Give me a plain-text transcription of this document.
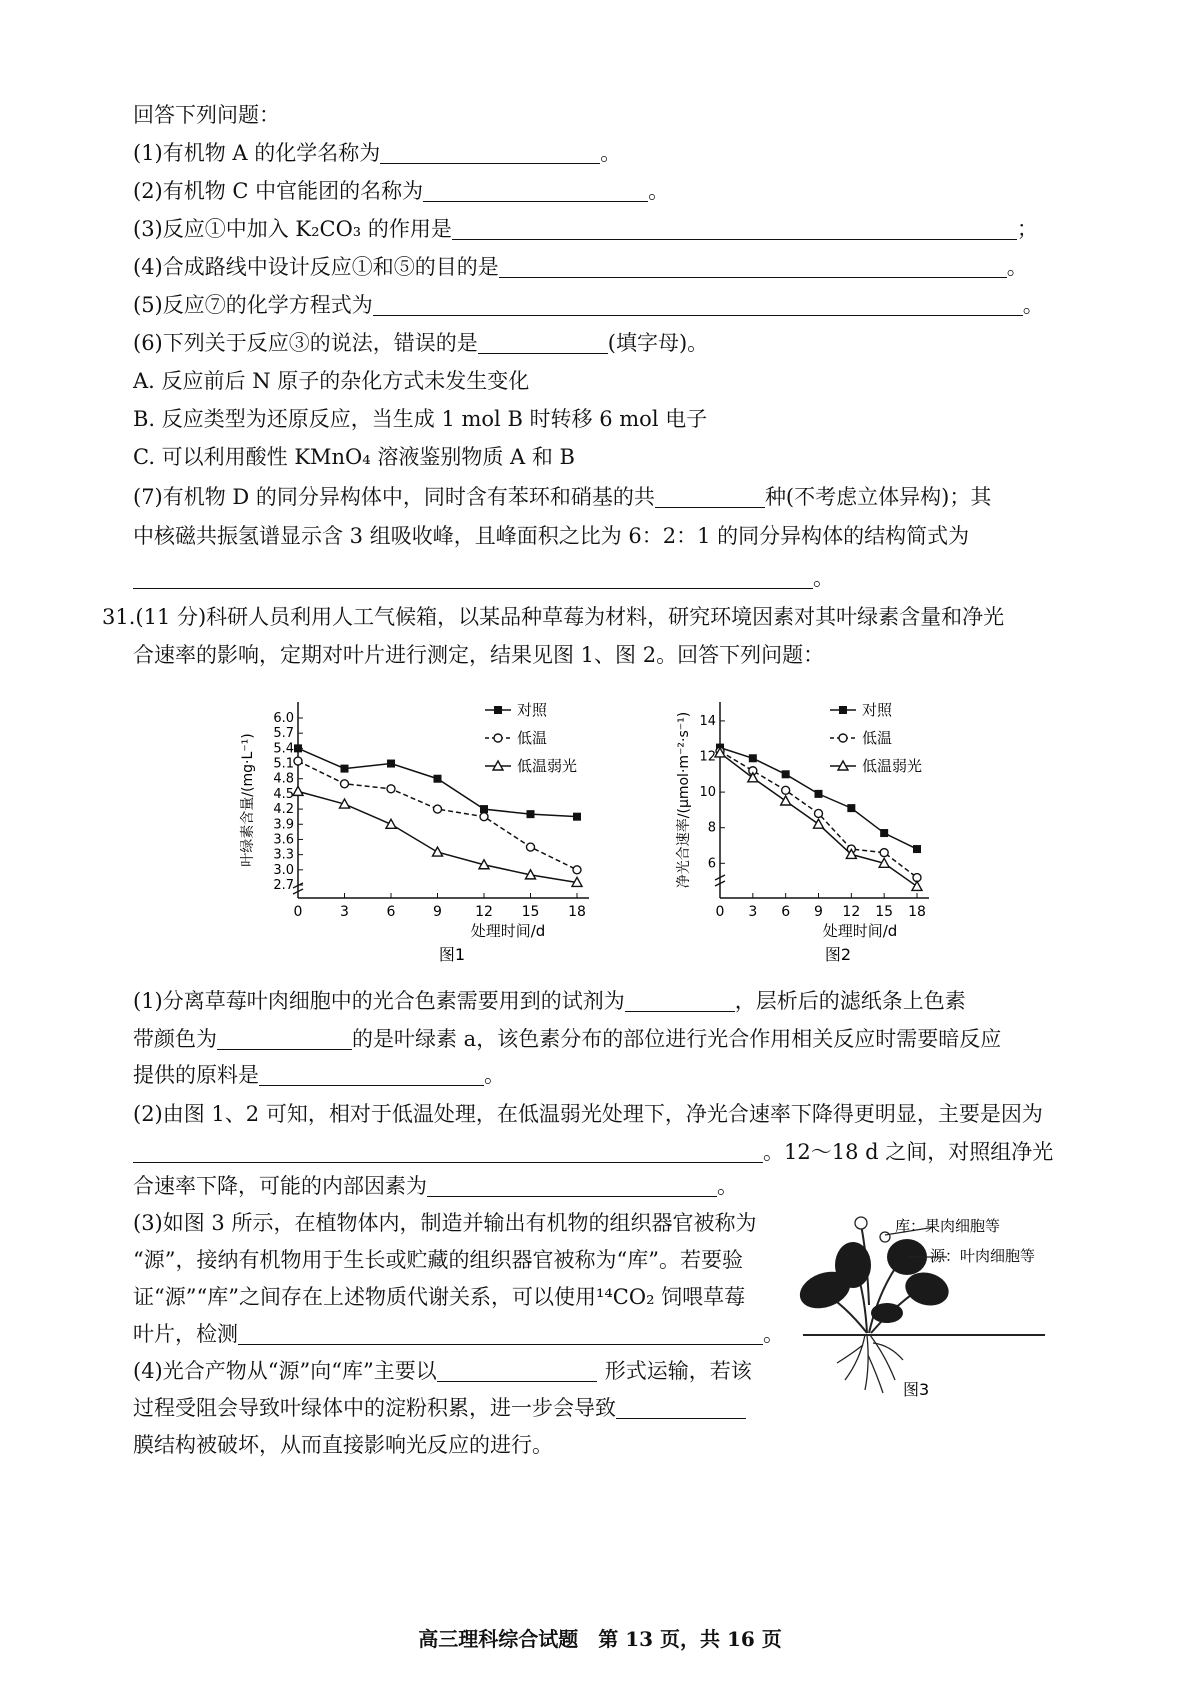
回答下列问题：
(1)有机物 A 的化学名称为	。
(2)有机物 C 中官能团的名称为	。
(3)反应①中加入 K₂CO₃ 的作用是	；
(4)合成路线中设计反应①和⑤的目的是	。
(5)反应⑦的化学方程式为	。
(6)下列关于反应③的说法，错误的是	(填字母)。
A. 反应前后 N 原子的杂化方式未发生变化
B. 反应类型为还原反应，当生成 1 mol B 时转移 6 mol 电子
C. 可以利用酸性 KMnO₄ 溶液鉴别物质 A 和 B
(7)有机物 D 的同分异构体中，同时含有苯环和硝基的共	种(不考虑立体异构)；其
中核磁共振氢谱显示含 3 组吸收峰，且峰面积之比为 6：2：1 的同分异构体的结构简式为
。
31.(11 分)科研人员利用人工气候箱，以某品种草莓为材料，研究环境因素对其叶绿素含量和净光
合速率的影响，定期对叶片进行测定，结果见图 1、图 2。回答下列问题：
2.7
3.0
3.3
3.6
3.9
4.2
4.5
4.8
5.1
5.4
5.7
6.0
0	3	6	9 12 15 18
处理时间/d
叶绿素含量/(mg·L⁻¹)
对照
低温
低温弱光
图1
6
8
10
12
14
0 3 6 9 12 15 18
处理时间/d
净光合速率/(μmol·m⁻²·s⁻¹)
对照
低温
低温弱光
图2
(1)分离草莓叶肉细胞中的光合色素需要用到的试剂为	，层析后的滤纸条上色素
带颜色为	的是叶绿素 a，该色素分布的部位进行光合作用相关反应时需要暗反应
提供的原料是	。
(2)由图 1、2 可知，相对于低温处理，在低温弱光处理下，净光合速率下降得更明显，主要是因为
。12～18 d 之间，对照组净光
合速率下降，可能的内部因素为	。
(3)如图 3 所示，在植物体内，制造并输出有机物的组织器官被称为
“源”，接纳有机物用于生长或贮藏的组织器官被称为“库”。若要验
证“源”“库”之间存在上述物质代谢关系，可以使用¹⁴CO₂ 饲喂草莓
叶片，检测	。
(4)光合产物从“源”向“库”主要以	形式运输，若该
过程受阻会导致叶绿体中的淀粉积累，进一步会导致
膜结构被破坏，从而直接影响光反应的进行。
库：果肉细胞等
源：叶肉细胞等
图3
高三理科综合试题　第 13 页，共 16 页
